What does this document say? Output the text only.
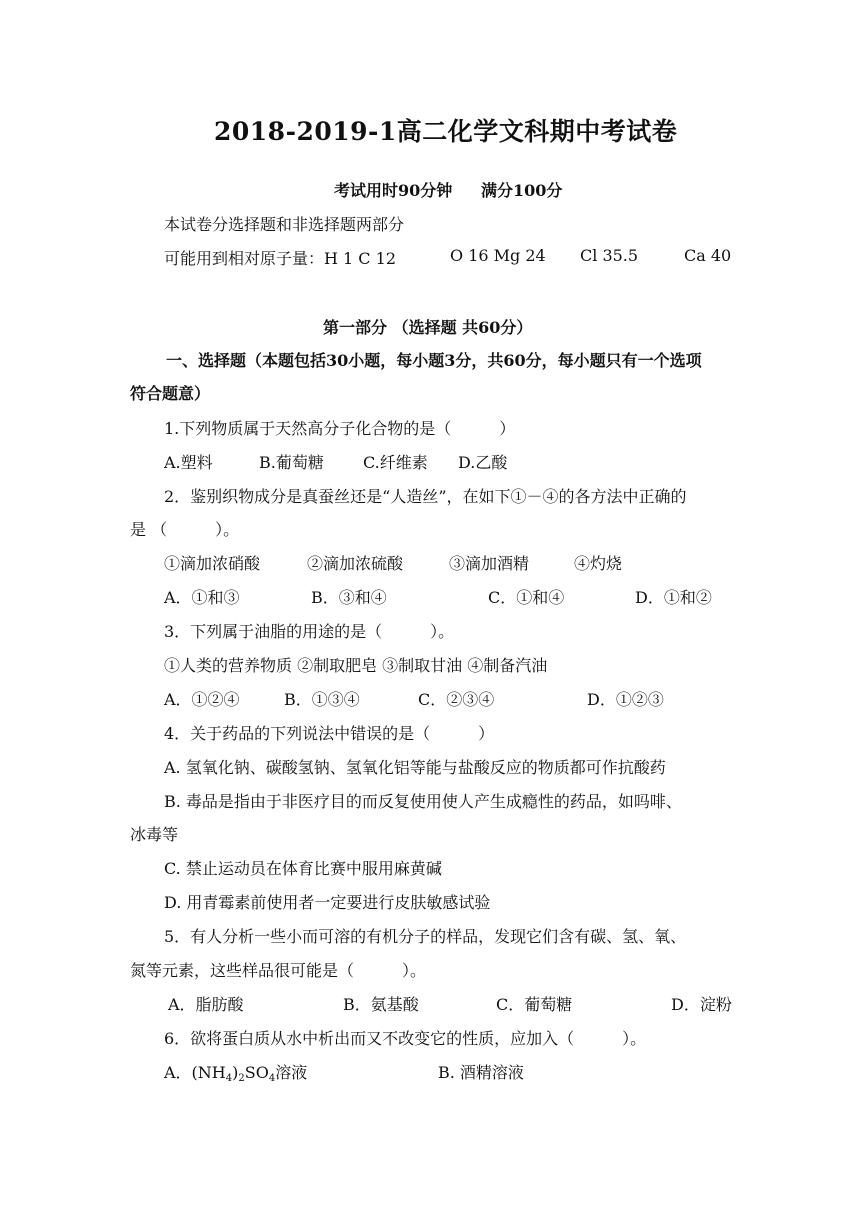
2018-2019-1高二化学文科期中考试卷
考试用时90分钟 满分100分
本试卷分选择题和非选择题两部分
可能用到相对原子量：H 1 C 12	O 16 Mg 24 Cl 35.5	Ca 40
第一部分 （选择题 共60分）
一、选择题（本题包括30小题，每小题3分，共60分，每小题只有一个选项
符合题意）
1.下列物质属于天然高分子化合物的是（　　　）
A.塑料	B.葡萄糖 C.纤维素 D.乙酸
2．鉴别织物成分是真蚕丝还是“人造丝”，在如下①－④的各方法中正确的
是 （　　　）。
①滴加浓硝酸	②滴加浓硫酸	③滴加酒精	④灼烧
A．①和③	B．③和④	C．①和④	D．①和②
3．下列属于油脂的用途的是（　　　）。
①人类的营养物质 ②制取肥皂 ③制取甘油 ④制备汽油
A．①②④	B．①③④	C．②③④	D．①②③
4．关于药品的下列说法中错误的是（　　　）
A. 氢氧化钠、碳酸氢钠、氢氧化铝等能与盐酸反应的物质都可作抗酸药
B. 毒品是指由于非医疗目的而反复使用使人产生成瘾性的药品，如吗啡、
冰毒等
C. 禁止运动员在体育比赛中服用麻黄碱
D. 用青霉素前使用者一定要进行皮肤敏感试验
5．有人分析一些小而可溶的有机分子的样品，发现它们含有碳、氢、氧、
氮等元素，这些样品很可能是（　　　）。
A．脂肪酸	B．氨基酸	C．葡萄糖	D．淀粉
6．欲将蛋白质从水中析出而又不改变它的性质，应加入（　　　）。
A．$(NH_4)_2SO_4$溶液	B. 酒精溶液
